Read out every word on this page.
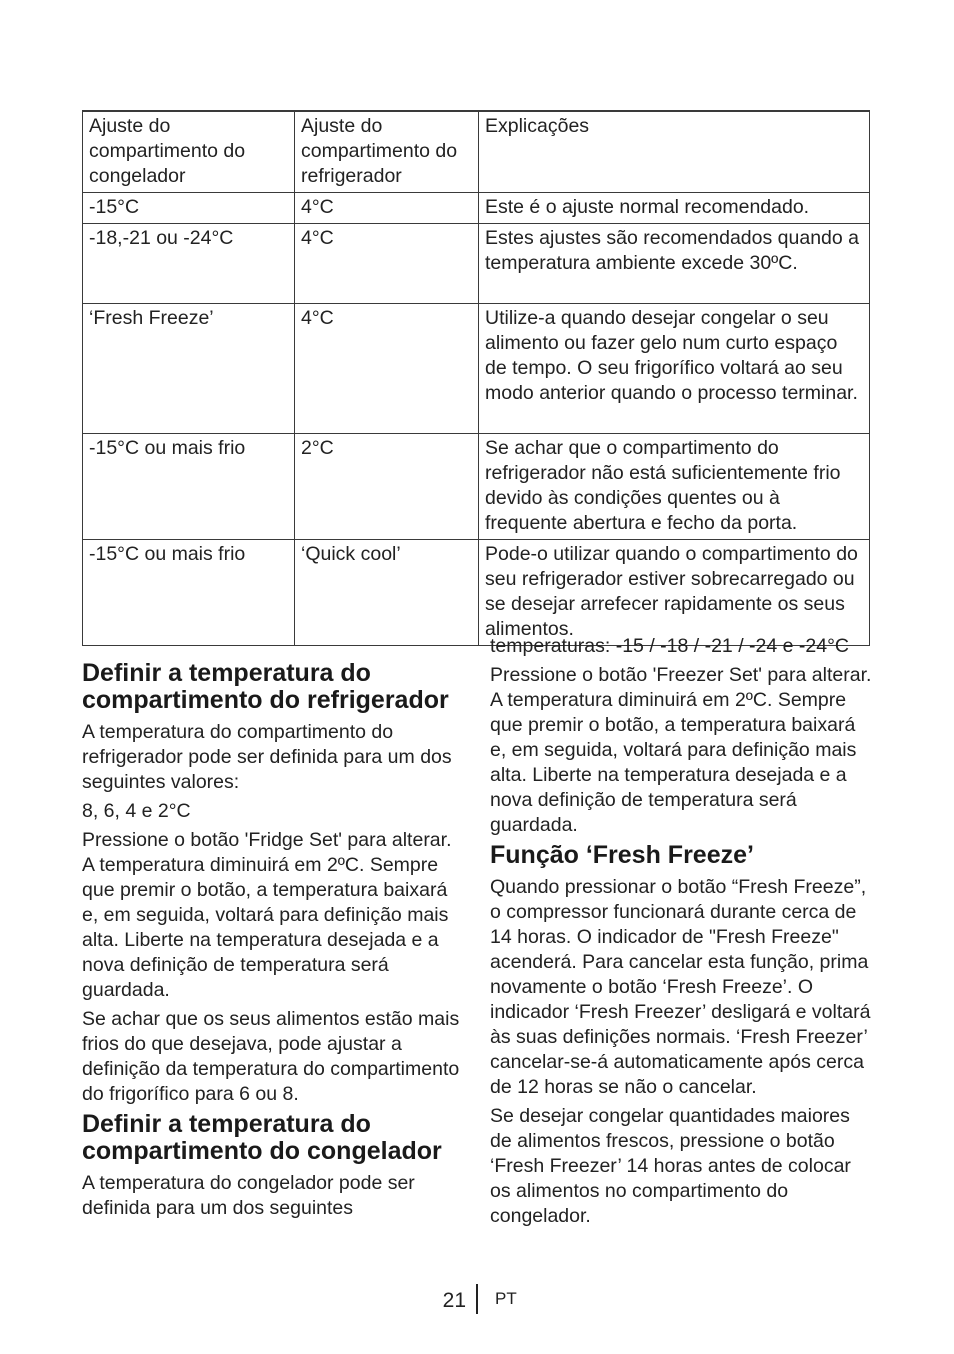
Ajuste do compartimento do congelador	Ajuste do compartimento do refrigerador	Explicações
-15°C	4°C	Este é o ajuste normal recomendado.
-18,-21 ou -24°C	4°C	Estes ajustes são recomendados quando a temperatura ambiente excede 30ºC.
‘Fresh Freeze’	4°C	Utilize-a quando desejar congelar o seu alimento ou fazer gelo num curto espaço de tempo. O seu frigorífico voltará ao seu modo anterior quando o processo terminar.
-15°C ou mais frio	2°C	Se achar que o compartimento do refrigerador não está suficientemente frio devido às condições quentes ou à frequente abertura e fecho da porta.
-15°C ou mais frio	‘Quick cool’	Pode-o utilizar quando o compartimento do seu refrigerador estiver sobrecarregado ou se desejar arrefecer rapidamente os seus alimentos.
Definir a temperatura do compartimento do refrigerador

A temperatura do compartimento do refrigerador pode ser definida para um dos seguintes valores:

8, 6, 4 e 2°C

Pressione o botão 'Fridge Set' para alterar. A temperatura diminuirá em 2ºC. Sempre que premir o botão, a temperatura baixará e, em seguida, voltará para definição mais alta. Liberte na temperatura desejada e a nova definição de temperatura será guardada.

Se achar que os seus alimentos estão mais frios do que desejava, pode ajustar a definição da temperatura do compartimento do frigorífico para 6 ou 8.

Definir a temperatura do compartimento do congelador

A temperatura do congelador pode ser definida para um dos seguintes

temperaturas: -15 / -18 / -21 / -24 e -24°C

Pressione o botão 'Freezer Set' para alterar. A temperatura diminuirá em 2ºC. Sempre que premir o botão, a temperatura baixará e, em seguida, voltará para definição mais alta. Liberte na temperatura desejada e a nova definição de temperatura será guardada.

Função ‘Fresh Freeze’

Quando pressionar o botão “Fresh Freeze”, o compressor funcionará durante cerca de 14 horas. O indicador de "Fresh Freeze" acenderá. Para cancelar esta função, prima novamente o botão ‘Fresh Freeze’. O indicador ‘Fresh Freezer’ desligará e voltará às suas definições normais. ‘Fresh Freezer’ cancelar-se-á automaticamente após cerca de 12 horas se não o cancelar.

Se desejar congelar quantidades maiores de alimentos frescos, pressione o botão ‘Fresh Freezer’ 14 horas antes de colocar os alimentos no compartimento do congelador.

21 PT
